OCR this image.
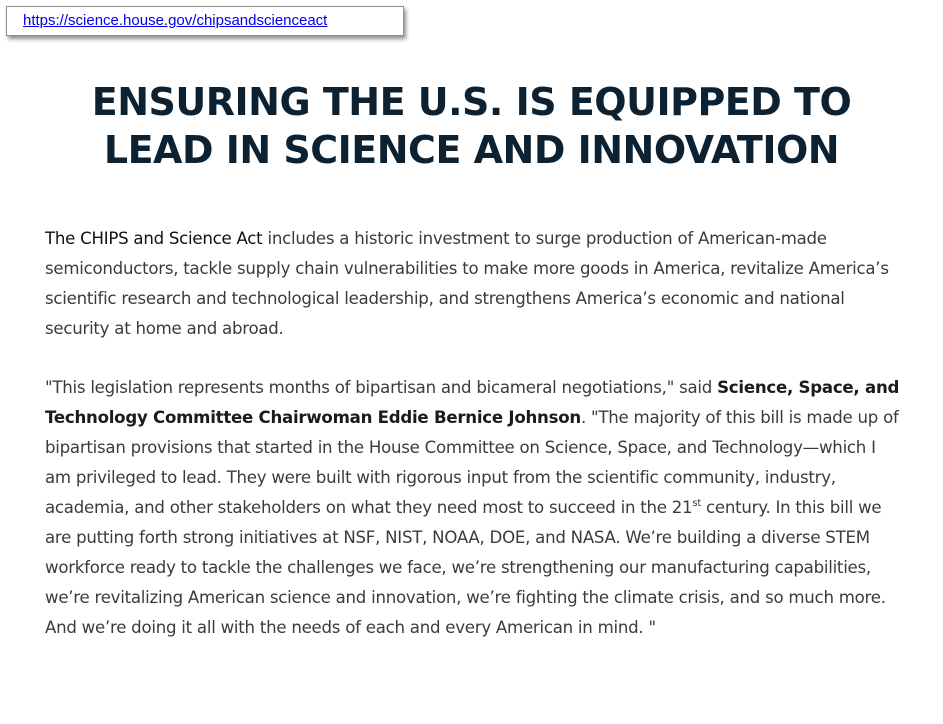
https://science.house.gov/chipsandscienceact
ENSURING THE U.S. IS EQUIPPED TO
LEAD IN SCIENCE AND INNOVATION

The CHIPS and Science Act includes a historic investment to surge production of American-made semiconductors, tackle supply chain vulnerabilities to make more goods in America, revitalize America’s scientific research and technological leadership, and strengthens America’s economic and national security at home and abroad.

"This legislation represents months of bipartisan and bicameral negotiations," said Science, Space, and Technology Committee Chairwoman Eddie Bernice Johnson. "The majority of this bill is made up of bipartisan provisions that started in the House Committee on Science, Space, and Technology—which I am privileged to lead. They were built with rigorous input from the scientific community, industry, academia, and other stakeholders on what they need most to succeed in the 21st century. In this bill we are putting forth strong initiatives at NSF, NIST, NOAA, DOE, and NASA. We’re building a diverse STEM workforce ready to tackle the challenges we face, we’re strengthening our manufacturing capabilities, we’re revitalizing American science and innovation, we’re fighting the climate crisis, and so much more. And we’re doing it all with the needs of each and every American in mind. "
